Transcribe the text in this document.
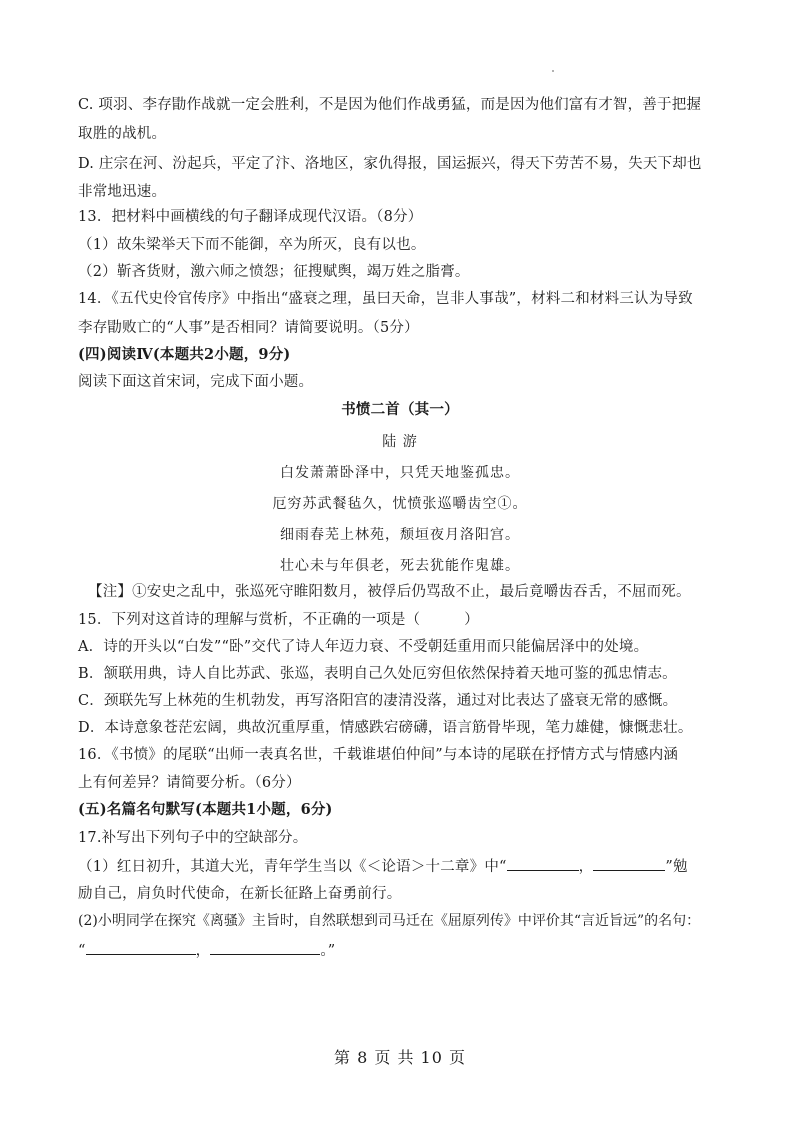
C. 项羽、李存勖作战就一定会胜利，不是因为他们作战勇猛，而是因为他们富有才智，善于把握
取胜的战机。
D. 庄宗在河、汾起兵，平定了汴、洛地区，家仇得报，国运振兴，得天下劳苦不易，失天下却也
非常地迅速。
13．把材料中画横线的句子翻译成现代汉语。（8分）
（1）故朱梁举天下而不能御，卒为所灭，良有以也。
（2）靳吝货财，激六师之愤怨；征搜赋舆，竭万姓之脂膏。
14．《五代史伶官传序》中指出“盛衰之理，虽曰天命，岂非人事哉”，材料二和材料三认为导致
李存勖败亡的“人事”是否相同？请简要说明。（5分）
(四)阅读Ⅳ(本题共2小题，9分)
阅读下面这首宋词，完成下面小题。
书愤二首（其一）
陆 游
白发萧萧卧泽中，只凭天地鉴孤忠。
厄穷苏武餐毡久，忧愤张巡嚼齿空①。
细雨春芜上林苑，颓垣夜月洛阳宫。
壮心未与年俱老，死去犹能作鬼雄。
【注】①安史之乱中，张巡死守睢阳数月，被俘后仍骂敌不止，最后竟嚼齿吞舌，不屈而死。
15．下列对这首诗的理解与赏析，不正确的一项是（	）
A．诗的开头以“白发”“卧”交代了诗人年迈力衰、不受朝廷重用而只能偏居泽中的处境。
B．颔联用典，诗人自比苏武、张巡，表明自己久处厄穷但依然保持着天地可鉴的孤忠情志。
C．颈联先写上林苑的生机勃发，再写洛阳宫的凄清没落，通过对比表达了盛衰无常的感慨。
D．本诗意象苍茫宏阔，典故沉重厚重，情感跌宕磅礴，语言筋骨毕现，笔力雄健，慷慨悲壮。
16．《书愤》的尾联“出师一表真名世，千载谁堪伯仲间”与本诗的尾联在抒情方式与情感内涵
上有何差异？请简要分析。（6分）
(五)名篇名句默写(本题共1小题，6分)
17.补写出下列句子中的空缺部分。
（1）红日初升，其道大光，青年学生当以《＜论语＞十二章》中“	，	”勉
励自己，肩负时代使命，在新长征路上奋勇前行。
(2)小明同学在探究《离骚》主旨时，自然联想到司马迁在《屈原列传》中评价其“言近旨远”的名句：
“	，	。”
第 8 页 共 10 页
